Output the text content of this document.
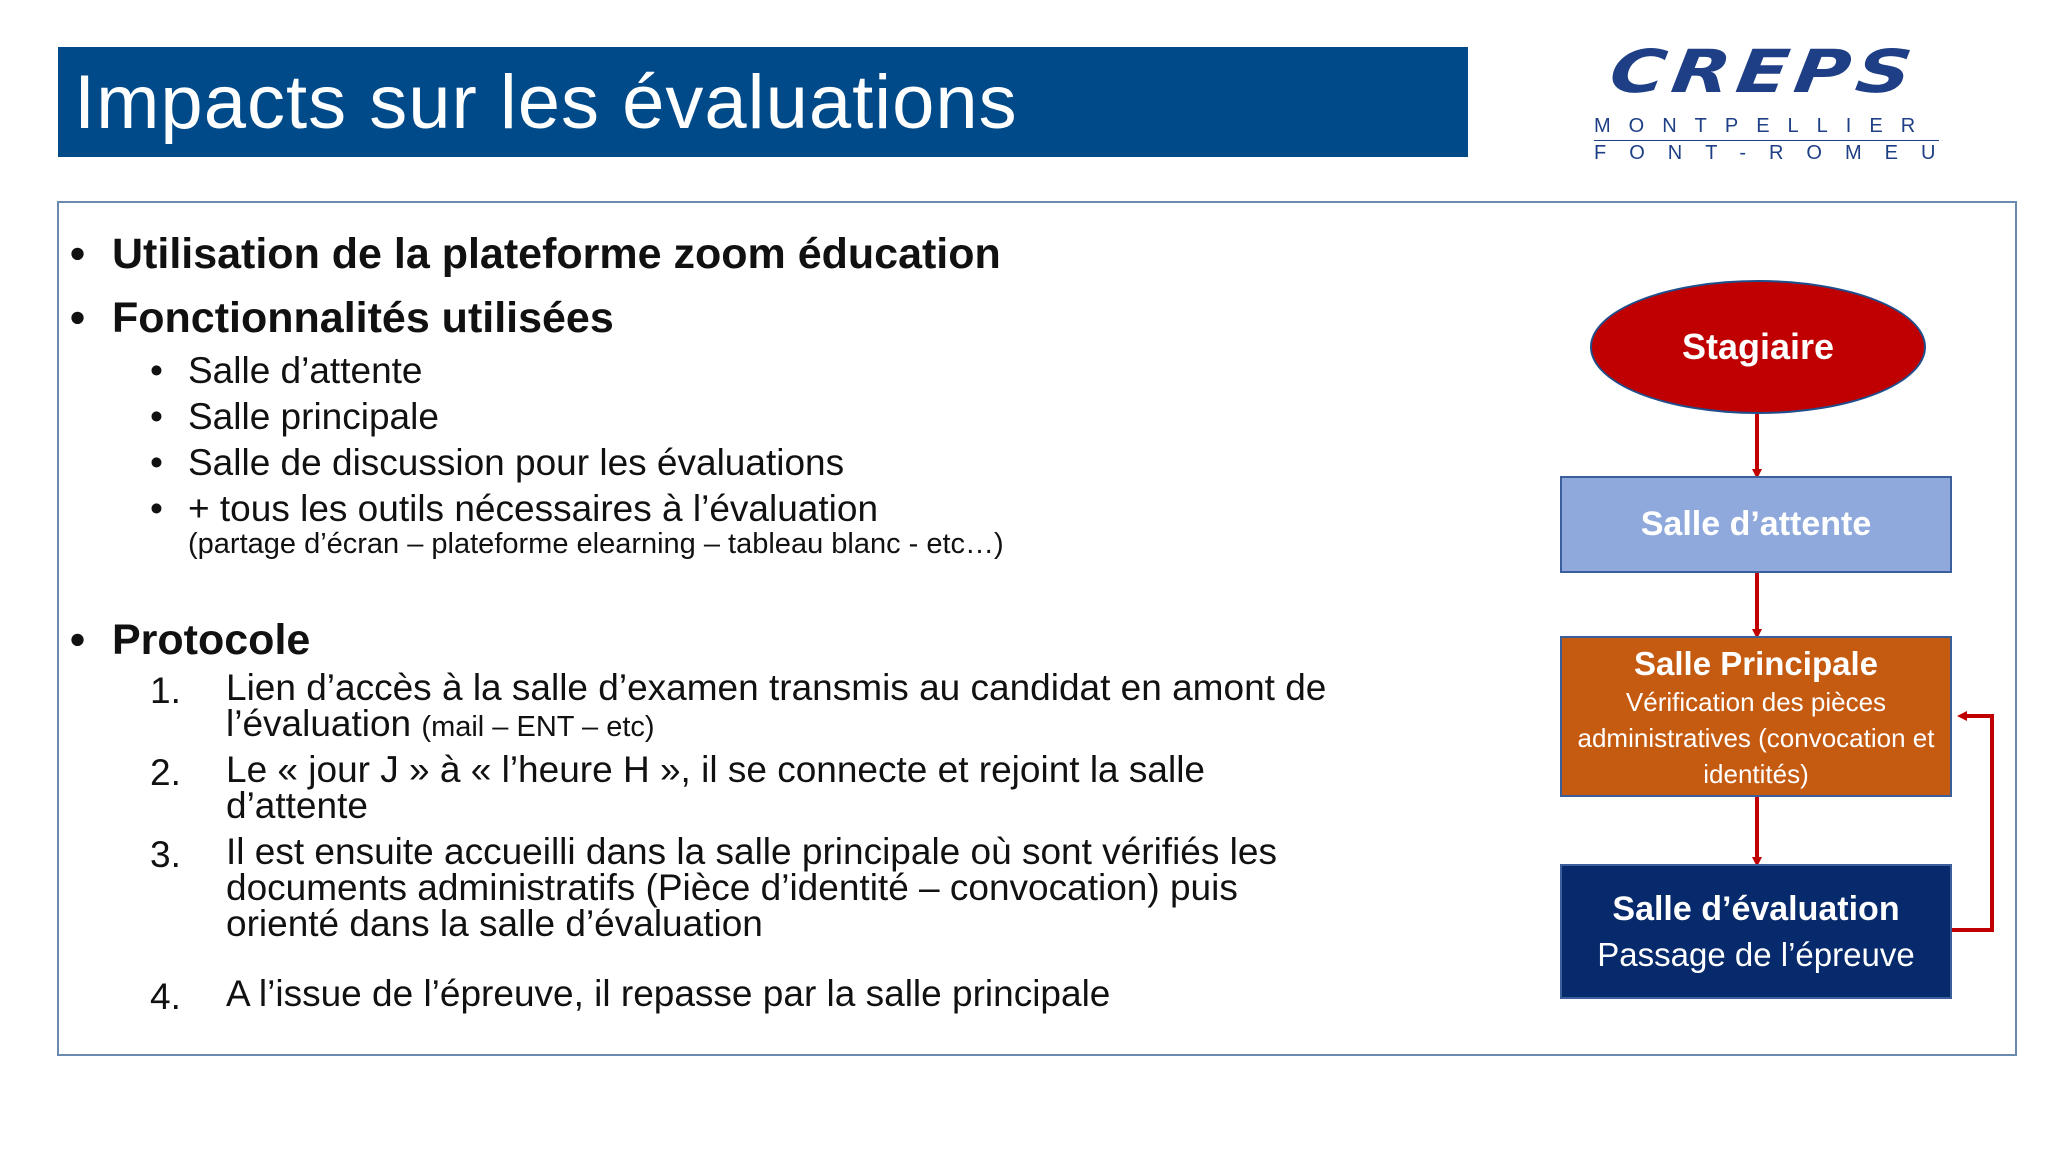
Impacts sur les évaluations	CREPS
MONTPELLIER
FONT-ROMEU
• Utilisation de la plateforme zoom éducation
• Fonctionnalités utilisées
• Salle d’attente
• Salle principale
• Salle de discussion pour les évaluations
• + tous les outils nécessaires à l’évaluation
(partage d’écran – plateforme elearning – tableau blanc - etc…)
• Protocole
1.	Lien d’accès à la salle d’examen transmis au candidat en amont de l’évaluation (mail – ENT – etc)
2.	Le « jour J » à « l’heure H », il se connecte et rejoint la salle d’attente
3.	Il est ensuite accueilli dans la salle principale où sont vérifiés les documents administratifs (Pièce d’identité – convocation) puis orienté dans la salle d’évaluation
4.	A l’issue de l’épreuve, il repasse par la salle principale
Stagiaire
Salle d’attente
Salle Principale
Vérification des pièces administratives (convocation et identités)
Salle d’évaluation
Passage de l’épreuve
